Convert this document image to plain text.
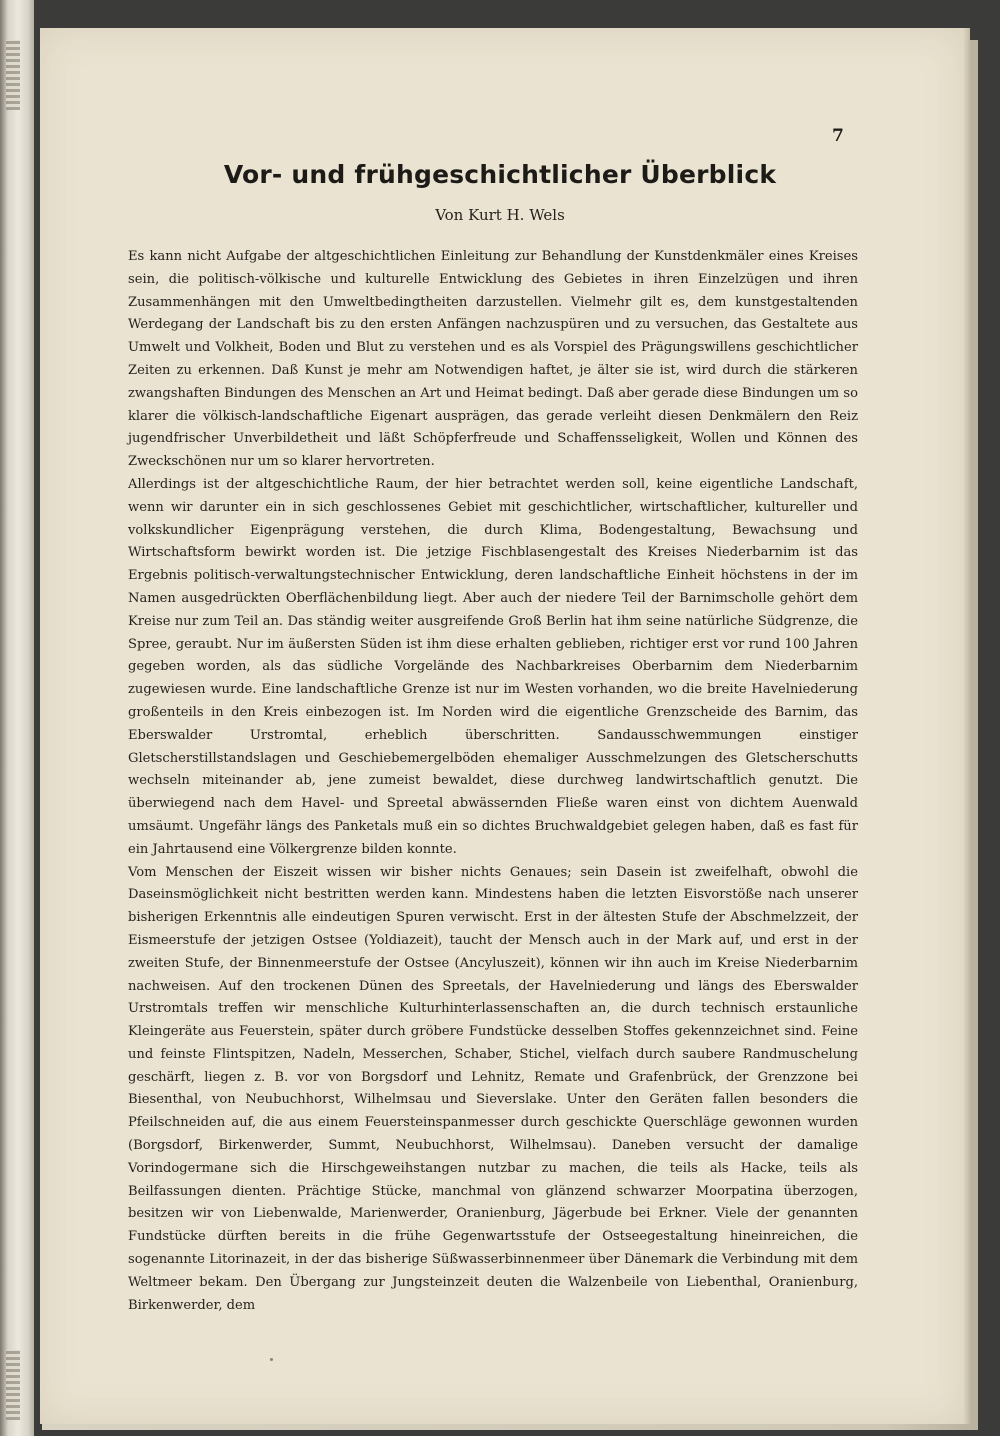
7

Vor- und frühgeschichtlicher Überblick

Von Kurt H. Wels

Es kann nicht Aufgabe der altgeschichtlichen Einleitung zur Behandlung der Kunstdenkmäler eines Kreises sein, die politisch-völkische und kulturelle Entwicklung des Gebietes in ihren Einzelzügen und ihren Zusammenhängen mit den Umweltbedingtheiten darzustellen. Vielmehr gilt es, dem kunstgestaltenden Werdegang der Landschaft bis zu den ersten Anfängen nachzuspüren und zu versuchen, das Gestaltete aus Umwelt und Volkheit, Boden und Blut zu verstehen und es als Vorspiel des Prägungswillens geschichtlicher Zeiten zu erkennen. Daß Kunst je mehr am Notwendigen haftet, je älter sie ist, wird durch die stärkeren zwangshaften Bindungen des Menschen an Art und Heimat bedingt. Daß aber gerade diese Bindungen um so klarer die völkisch-landschaftliche Eigenart ausprägen, das gerade verleiht diesen Denkmälern den Reiz jugendfrischer Unverbildetheit und läßt Schöpferfreude und Schaffensseligkeit, Wollen und Können des Zweckschönen nur um so klarer hervortreten.

Allerdings ist der altgeschichtliche Raum, der hier betrachtet werden soll, keine eigentliche Landschaft, wenn wir darunter ein in sich geschlossenes Gebiet mit geschichtlicher, wirtschaftlicher, kultureller und volkskundlicher Eigenprägung verstehen, die durch Klima, Bodengestaltung, Bewachsung und Wirtschaftsform bewirkt worden ist. Die jetzige Fischblasengestalt des Kreises Niederbarnim ist das Ergebnis politisch-verwaltungstechnischer Entwicklung, deren landschaftliche Einheit höchstens in der im Namen ausgedrückten Oberflächenbildung liegt. Aber auch der niedere Teil der Barnimscholle gehört dem Kreise nur zum Teil an. Das ständig weiter ausgreifende Groß Berlin hat ihm seine natürliche Südgrenze, die Spree, geraubt. Nur im äußersten Süden ist ihm diese erhalten geblieben, richtiger erst vor rund 100 Jahren gegeben worden, als das südliche Vorgelände des Nachbarkreises Oberbarnim dem Niederbarnim zugewiesen wurde. Eine landschaftliche Grenze ist nur im Westen vorhanden, wo die breite Havelniederung großenteils in den Kreis einbezogen ist. Im Norden wird die eigentliche Grenzscheide des Barnim, das Eberswalder Urstromtal, erheblich überschritten. Sandausschwemmungen einstiger Gletscherstillstandslagen und Geschiebemergelböden ehemaliger Ausschmelzungen des Gletscherschutts wechseln miteinander ab, jene zumeist bewaldet, diese durchweg landwirtschaftlich genutzt. Die überwiegend nach dem Havel- und Spreetal abwässernden Fließe waren einst von dichtem Auenwald umsäumt. Ungefähr längs des Panketals muß ein so dichtes Bruchwaldgebiet gelegen haben, daß es fast für ein Jahrtausend eine Völkergrenze bilden konnte.

Vom Menschen der Eiszeit wissen wir bisher nichts Genaues; sein Dasein ist zweifelhaft, obwohl die Daseinsmöglichkeit nicht bestritten werden kann. Mindestens haben die letzten Eisvorstöße nach unserer bisherigen Erkenntnis alle eindeutigen Spuren verwischt. Erst in der ältesten Stufe der Abschmelzzeit, der Eismeerstufe der jetzigen Ostsee (Yoldiazeit), taucht der Mensch auch in der Mark auf, und erst in der zweiten Stufe, der Binnenmeerstufe der Ostsee (Ancyluszeit), können wir ihn auch im Kreise Niederbarnim nachweisen. Auf den trockenen Dünen des Spreetals, der Havelniederung und längs des Eberswalder Urstromtals treffen wir menschliche Kulturhinterlassenschaften an, die durch technisch erstaunliche Kleingeräte aus Feuerstein, später durch gröbere Fundstücke desselben Stoffes gekennzeichnet sind. Feine und feinste Flintspitzen, Nadeln, Messerchen, Schaber, Stichel, vielfach durch saubere Randmuschelung geschärft, liegen z. B. vor von Borgsdorf und Lehnitz, Remate und Grafenbrück, der Grenzzone bei Biesenthal, von Neubuchhorst, Wilhelmsau und Sieverslake. Unter den Geräten fallen besonders die Pfeilschneiden auf, die aus einem Feuersteinspanmesser durch geschickte Querschläge gewonnen wurden (Borgsdorf, Birkenwerder, Summt, Neubuchhorst, Wilhelmsau). Daneben versucht der damalige Vorindogermane sich die Hirschgeweihstangen nutzbar zu machen, die teils als Hacke, teils als Beilfassungen dienten. Prächtige Stücke, manchmal von glänzend schwarzer Moorpatina überzogen, besitzen wir von Liebenwalde, Marienwerder, Oranienburg, Jägerbude bei Erkner. Viele der genannten Fundstücke dürften bereits in die frühe Gegenwartsstufe der Ostseegestaltung hineinreichen, die sogenannte Litorinazeit, in der das bisherige Süßwasserbinnenmeer über Dänemark die Verbindung mit dem Weltmeer bekam. Den Übergang zur Jungsteinzeit deuten die Walzenbeile von Liebenthal, Oranienburg, Birkenwerder, dem
